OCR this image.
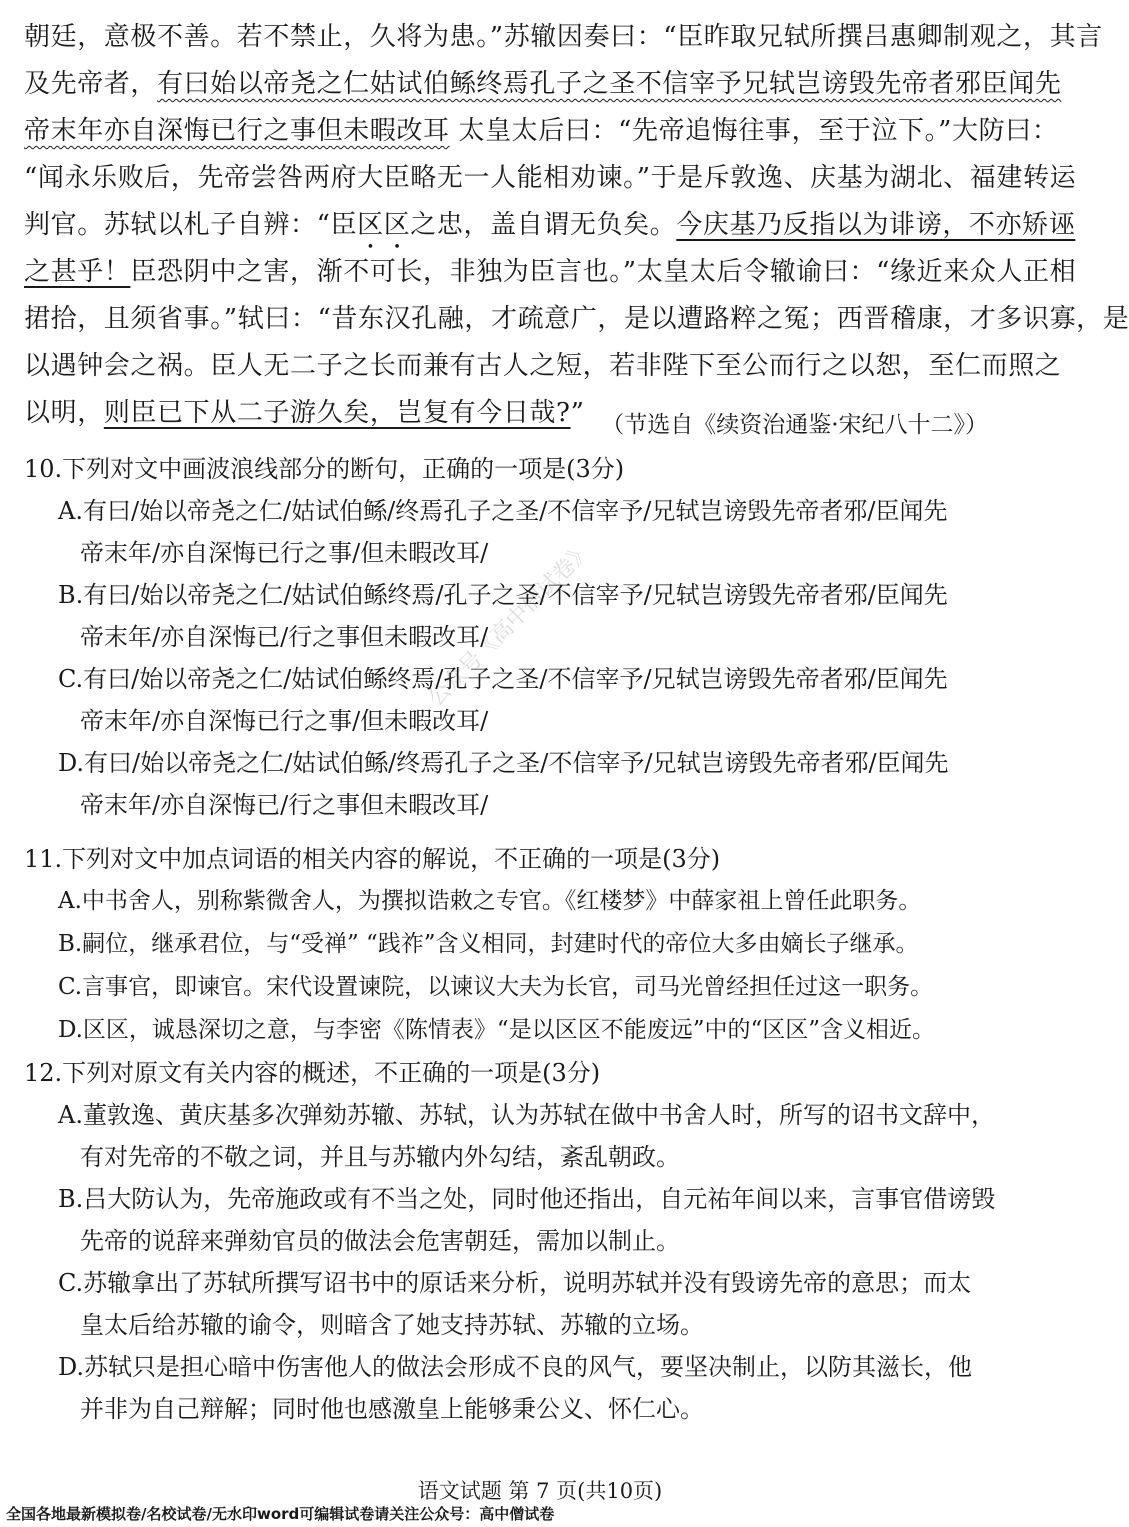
公众号《高中僧试卷》
朝廷，意极不善。若不禁止，久将为患。”苏辙因奏曰：“臣昨取兄轼所撰吕惠卿制观之，其言
及先帝者，有曰始以帝尧之仁姑试伯鲧终焉孔子之圣不信宰予兄轼岂谤毁先帝者邪臣闻先
帝末年亦自深悔已行之事但未暇改耳 太皇太后曰：“先帝追悔往事，至于泣下。”大防曰：
“闻永乐败后，先帝尝咎两府大臣略无一人能相劝谏。”于是斥敦逸、庆基为湖北、福建转运
判官。苏轼以札子自辨：“臣区区之忠，盖自谓无负矣。今庆基乃反指以为诽谤，不亦矫诬
之甚乎！臣恐阴中之害，渐不可长，非独为臣言也。”太皇太后令辙谕曰：“缘近来众人正相
捃拾，且须省事。”轼曰：“昔东汉孔融，才疏意广，是以遭路粹之冤；西晋稽康，才多识寡，是
以遇钟会之祸。臣人无二子之长而兼有古人之短，若非陛下至公而行之以恕，至仁而照之
以明，则臣已下从二子游久矣，岂复有今日哉?” （节选自《续资治通鉴·宋纪八十二》）
10.下列对文中画波浪线部分的断句，正确的一项是(3分)
A.有曰/始以帝尧之仁/姑试伯鲧/终焉孔子之圣/不信宰予/兄轼岂谤毁先帝者邪/臣闻先
帝末年/亦自深悔已行之事/但未暇改耳/
B.有曰/始以帝尧之仁/姑试伯鲧终焉/孔子之圣/不信宰予/兄轼岂谤毁先帝者邪/臣闻先
帝末年/亦自深悔已/行之事但未暇改耳/
C.有曰/始以帝尧之仁/姑试伯鲧终焉/孔子之圣/不信宰予/兄轼岂谤毁先帝者邪/臣闻先
帝末年/亦自深悔已行之事/但未暇改耳/
D.有曰/始以帝尧之仁/姑试伯鲧/终焉孔子之圣/不信宰予/兄轼岂谤毁先帝者邪/臣闻先
帝末年/亦自深悔已/行之事但未暇改耳/
11.下列对文中加点词语的相关内容的解说，不正确的一项是(3分)
A.中书舍人，别称紫微舍人，为撰拟诰敕之专官。《红楼梦》中薛家祖上曾任此职务。
B.嗣位，继承君位，与“受禅” “践祚”含义相同，封建时代的帝位大多由嫡长子继承。
C.言事官，即谏官。宋代设置谏院，以谏议大夫为长官，司马光曾经担任过这一职务。
D.区区，诚恳深切之意，与李密《陈情表》“是以区区不能废远”中的“区区”含义相近。
12.下列对原文有关内容的概述，不正确的一项是(3分)
A.董敦逸、黄庆基多次弹劾苏辙、苏轼，认为苏轼在做中书舍人时，所写的诏书文辞中，
有对先帝的不敬之词，并且与苏辙内外勾结，紊乱朝政。
B.吕大防认为，先帝施政或有不当之处，同时他还指出，自元祐年间以来，言事官借谤毁
先帝的说辞来弹劾官员的做法会危害朝廷，需加以制止。
C.苏辙拿出了苏轼所撰写诏书中的原话来分析，说明苏轼并没有毁谤先帝的意思；而太
皇太后给苏辙的谕令，则暗含了她支持苏轼、苏辙的立场。
D.苏轼只是担心暗中伤害他人的做法会形成不良的风气，要坚决制止，以防其滋长，他
并非为自己辩解；同时他也感激皇上能够秉公义、怀仁心。
语文试题 第 7 页(共10页)
全国各地最新模拟卷/名校试卷/无水印word可编辑试卷请关注公众号：高中僧试卷
